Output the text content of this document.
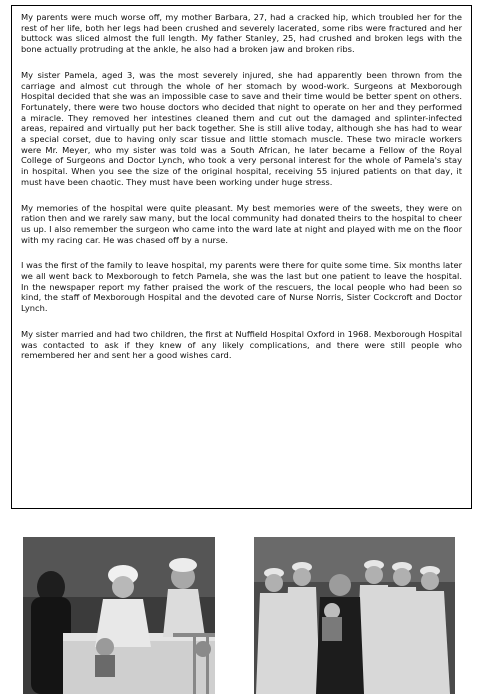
My parents were much worse off, my mother Barbara, 27, had a cracked hip, which troubled her for the rest of her life, both her legs had been crushed and severely lacerated, some ribs were fractured and her buttock was sliced almost the full length. My father Stanley, 25, had crushed and broken legs with the bone actually protruding at the ankle, he also had a broken jaw and broken ribs.

My sister Pamela, aged 3, was the most severely injured, she had apparently been thrown from the carriage and almost cut through the whole of her stomach by wood-work. Surgeons at Mexborough Hospital decided that she was an impossible case to save and their time would be better spent on others. Fortunately, there were two house doctors who decided that night to operate on her and they performed a miracle. They removed her intestines cleaned them and cut out the damaged and splinter-infected areas, repaired and virtually put her back together. She is still alive today, although she has had to wear a special corset, due to having only scar tissue and little stomach muscle. These two miracle workers were Mr. Meyer, who my sister was told was a South African, he later became a Fellow of the Royal College of Surgeons and Doctor Lynch, who took a very personal interest for the whole of Pamela's stay in hospital. When you see the size of the original hospital, receiving 55 injured patients on that day, it must have been chaotic. They must have been working under huge stress.

My memories of the hospital were quite pleasant. My best memories were of the sweets, they were on ration then and we rarely saw many, but the local community had donated theirs to the hospital to cheer us up. I also remember the surgeon who came into the ward late at night and played with me on the floor with my racing car. He was chased off by a nurse.

I was the first of the family to leave hospital, my parents were there for quite some time. Six months later we all went back to Mexborough to fetch Pamela, she was the last but one patient to leave the hospital. In the newspaper report my father praised the work of the rescuers, the local people who had been so kind, the staff of Mexborough Hospital and the devoted care of Nurse Norris, Sister Cockcroft and Doctor Lynch.

My sister married and had two children, the first at Nuffield Hospital Oxford in 1968. Mexborough Hospital was contacted to ask if they knew of any likely complications, and there were still people who remembered her and sent her a good wishes card.
